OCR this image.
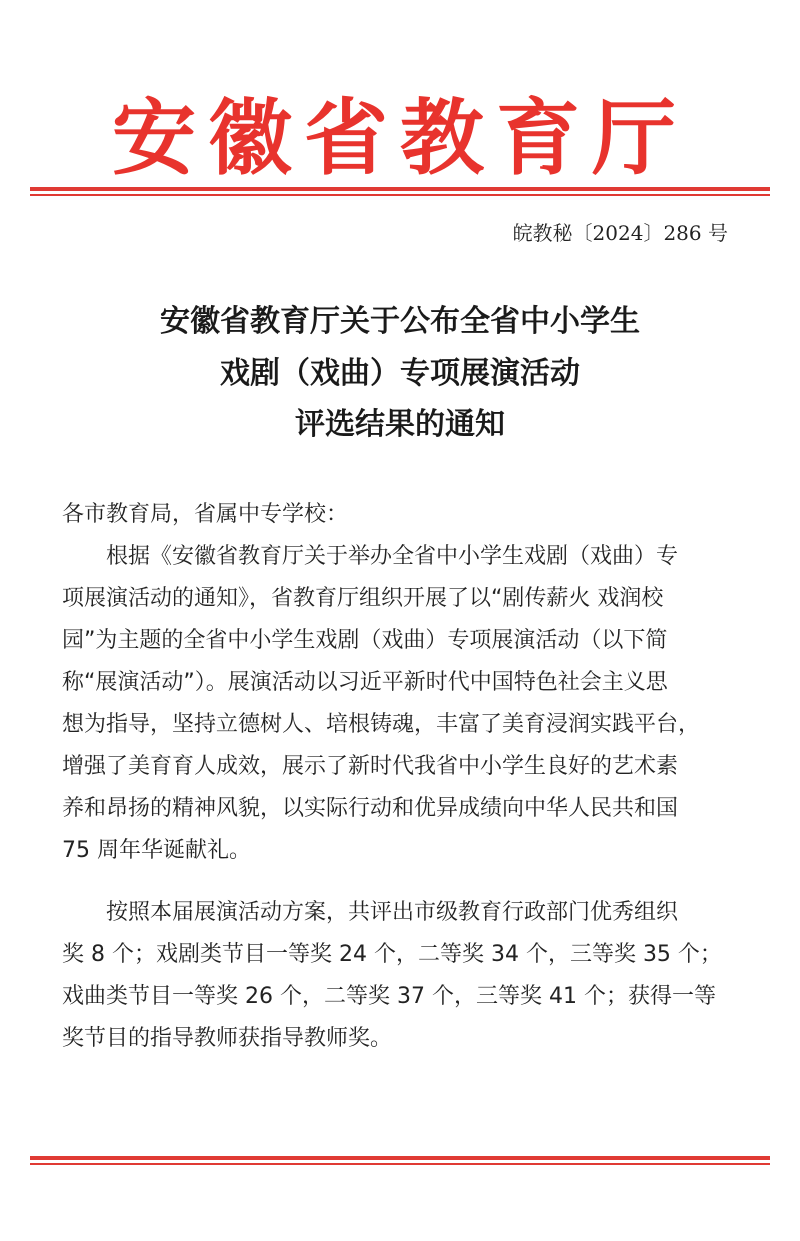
安徽省教育厅
皖教秘〔2024〕286 号
安徽省教育厅关于公布全省中小学生
戏剧（戏曲）专项展演活动
评选结果的通知
各市教育局，省属中专学校：
　　根据《安徽省教育厅关于举办全省中小学生戏剧（戏曲）专
项展演活动的通知》，省教育厅组织开展了以“剧传薪火 戏润校
园”为主题的全省中小学生戏剧（戏曲）专项展演活动（以下简
称“展演活动”）。展演活动以习近平新时代中国特色社会主义思
想为指导，坚持立德树人、培根铸魂，丰富了美育浸润实践平台，
增强了美育育人成效，展示了新时代我省中小学生良好的艺术素
养和昂扬的精神风貌，以实际行动和优异成绩向中华人民共和国
75 周年华诞献礼。
　　按照本届展演活动方案，共评出市级教育行政部门优秀组织
奖 8 个；戏剧类节目一等奖 24 个，二等奖 34 个，三等奖 35 个；
戏曲类节目一等奖 26 个，二等奖 37 个，三等奖 41 个；获得一等
奖节目的指导教师获指导教师奖。
